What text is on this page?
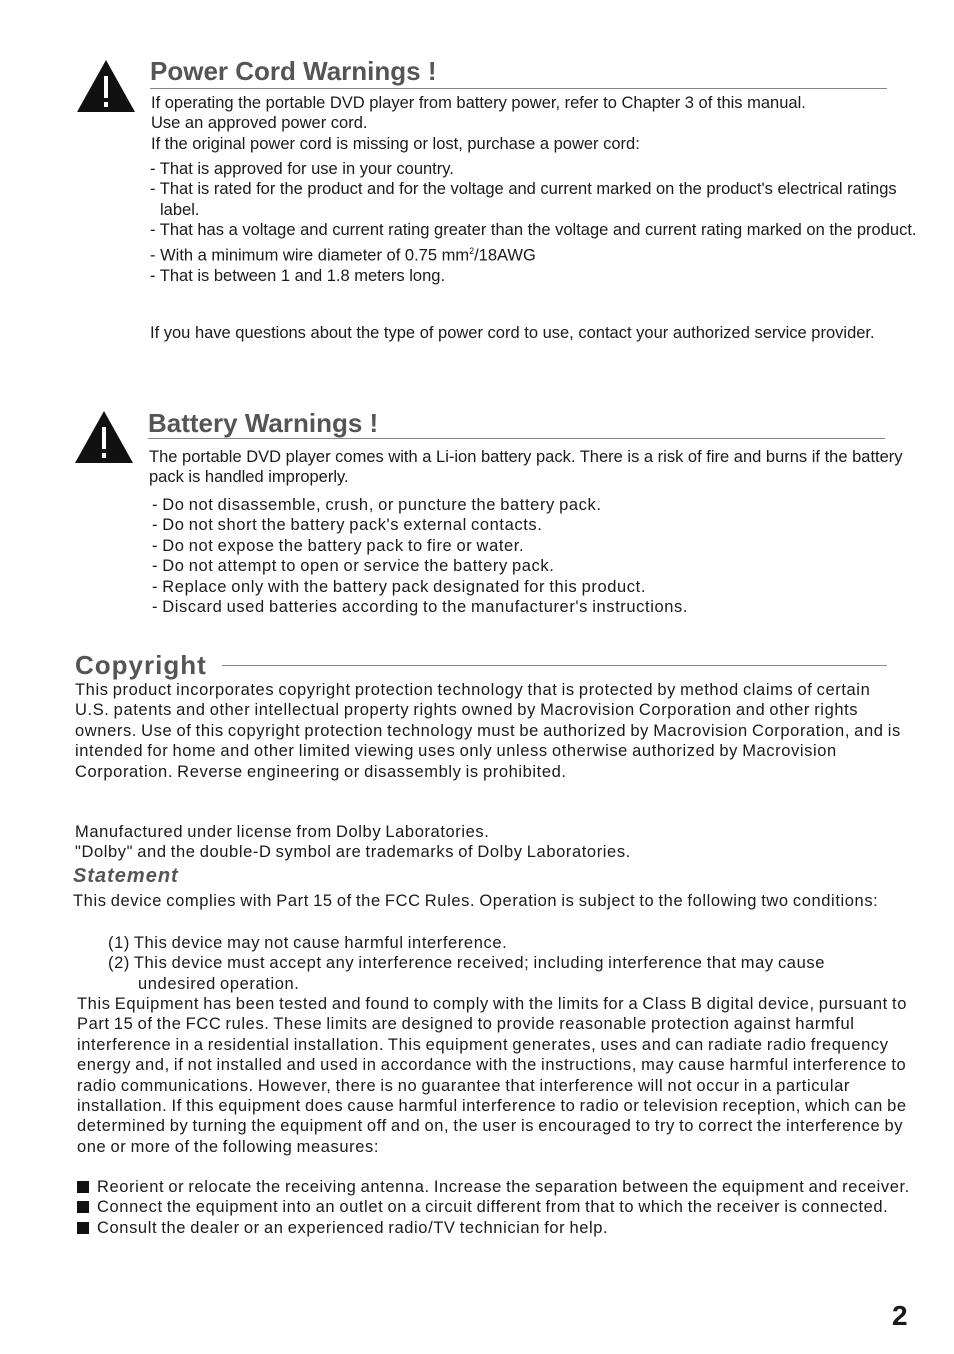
Power Cord Warnings !

If operating the portable DVD player from battery power, refer to Chapter 3 of this manual.

Use an approved power cord.

If the original power cord is missing or lost, purchase a power cord:

- That is approved for use in your country.
- That is rated for the product and for the voltage and current marked on the product's electrical ratings label.
- That has a voltage and current rating greater than the voltage and current rating marked on the product.
- With a minimum wire diameter of 0.75 $mm^2/18AWG$
- That is between 1 and 1.8 meters long.
If you have questions about the type of power cord to use, contact your authorized service provider.
Battery Warnings !
The portable DVD player comes with a Li-ion battery pack. There is a risk of fire and burns if the battery pack is handled improperly.
- Do not disassemble, crush, or puncture the battery pack.
- Do not short the battery pack's external contacts.
- Do not expose the battery pack to fire or water.
- Do not attempt to open or service the battery pack.
- Replace only with the battery pack designated for this product.
- Discard used batteries according to the manufacturer's instructions.
Copyright
This product incorporates copyright protection technology that is protected by method claims of certain U.S. patents and other intellectual property rights owned by Macrovision Corporation and other rights owners. Use of this copyright protection technology must be authorized by Macrovision Corporation, and is intended for home and other limited viewing uses only unless otherwise authorized by Macrovision Corporation. Reverse engineering or disassembly is prohibited.

Manufactured under license from Dolby Laboratories.

"Dolby" and the double-D symbol are trademarks of Dolby Laboratories.

Statement
This device complies with Part 15 of the FCC Rules. Operation is subject to the following two conditions:
(1) This device may not cause harmful interference.
(2) This device must accept any interference received; including interference that may cause undesired operation.
This Equipment has been tested and found to comply with the limits for a Class B digital device, pursuant to Part 15 of the FCC rules. These limits are designed to provide reasonable protection against harmful interference in a residential installation. This equipment generates, uses and can radiate radio frequency energy and, if not installed and used in accordance with the instructions, may cause harmful interference to radio communications. However, there is no guarantee that interference will not occur in a particular installation. If this equipment does cause harmful interference to radio or television reception, which can be determined by turning the equipment off and on, the user is encouraged to try to correct the interference by one or more of the following measures:
Reorient or relocate the receiving antenna. Increase the separation between the equipment and receiver.
Connect the equipment into an outlet on a circuit different from that to which the receiver is connected.
Consult the dealer or an experienced radio/TV technician for help.
2
